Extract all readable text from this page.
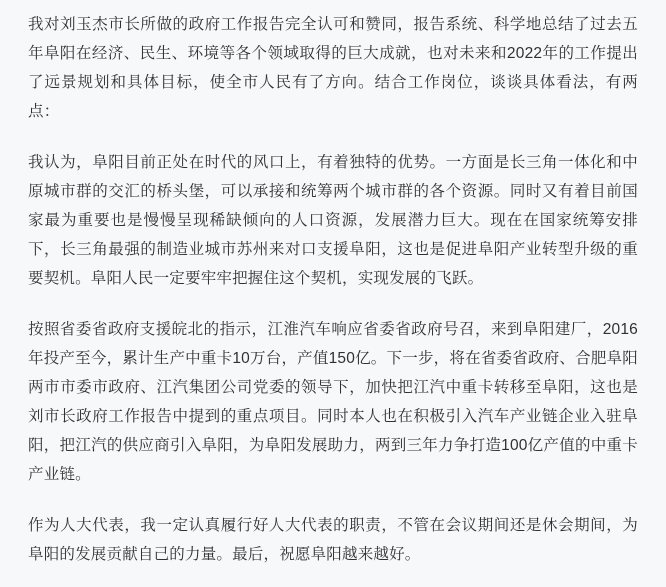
我对刘玉杰市长所做的政府工作报告完全认可和赞同，报告系统、科学地总结了过去五年阜阳在经济、民生、环境等各个领域取得的巨大成就，也对未来和2022年的工作提出了远景规划和具体目标，使全市人民有了方向。结合工作岗位，谈谈具体看法，有两点：

我认为，阜阳目前正处在时代的风口上，有着独特的优势。一方面是长三角一体化和中原城市群的交汇的桥头堡，可以承接和统筹两个城市群的各个资源。同时又有着目前国家最为重要也是慢慢呈现稀缺倾向的人口资源，发展潜力巨大。现在在国家统筹安排下，长三角最强的制造业城市苏州来对口支援阜阳，这也是促进阜阳产业转型升级的重要契机。阜阳人民一定要牢牢把握住这个契机，实现发展的飞跃。

按照省委省政府支援皖北的指示，江淮汽车响应省委省政府号召，来到阜阳建厂，2016年投产至今，累计生产中重卡10万台，产值150亿。下一步，将在省委省政府、合肥阜阳两市市委市政府、江汽集团公司党委的领导下，加快把江汽中重卡转移至阜阳，这也是刘市长政府工作报告中提到的重点项目。同时本人也在积极引入汽车产业链企业入驻阜阳，把江汽的供应商引入阜阳，为阜阳发展助力，两到三年力争打造100亿产值的中重卡产业链。

作为人大代表，我一定认真履行好人大代表的职责，不管在会议期间还是休会期间，为阜阳的发展贡献自己的力量。最后，祝愿阜阳越来越好。
